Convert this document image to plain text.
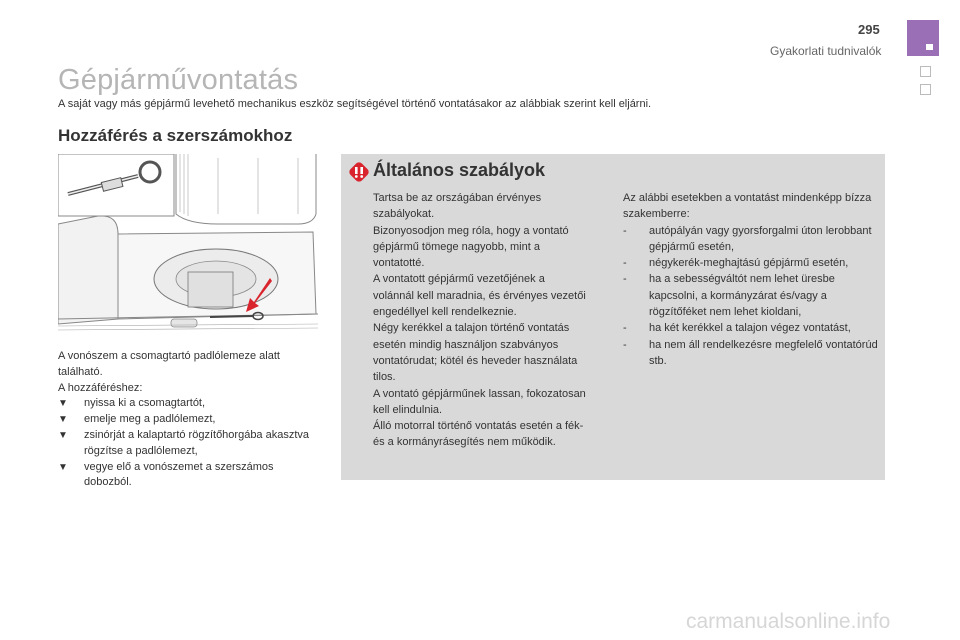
295
Gyakorlati tudnivalók
Gépjárművontatás
A saját vagy más gépjármű levehető mechanikus eszköz segítségével történő vontatásakor az alábbiak szerint kell eljárni.
Hozzáférés a szerszámokhoz

A vonószem a csomagtartó padlólemeze alatt található.

A hozzáféréshez:

▼ nyissa ki a csomagtartót,
▼ emelje meg a padlólemezt,
▼ zsinórját a kalaptartó rögzítőhorgába akasztva rögzítse a padlólemezt,
▼ vegye elő a vonószemet a szerszámos dobozból.
Általános szabályok

Tartsa be az országában érvényes szabályokat.

Bizonyosodjon meg róla, hogy a vontató gépjármű tömege nagyobb, mint a vontatotté.

A vontatott gépjármű vezetőjének a volánnál kell maradnia, és érvényes vezetői engedéllyel kell rendelkeznie.

Négy kerékkel a talajon történő vontatás esetén mindig használjon szabványos vontatórudat; kötél és heveder használata tilos.

A vontató gépjárműnek lassan, fokozatosan kell elindulnia.

Álló motorral történő vontatás esetén a fék- és a kormányrásegítés nem működik.

Az alábbi esetekben a vontatást mindenképp bízza szakemberre:

- autópályán vagy gyorsforgalmi úton lerobbant gépjármű esetén,
- négykerék-meghajtású gépjármű esetén,
- ha a sebességváltót nem lehet üresbe kapcsolni, a kormányzárat és/vagy a rögzítőféket nem lehet kioldani,
- ha két kerékkel a talajon végez vontatást,
- ha nem áll rendelkezésre megfelelő vontatórúd stb.
carmanualsonline.info
